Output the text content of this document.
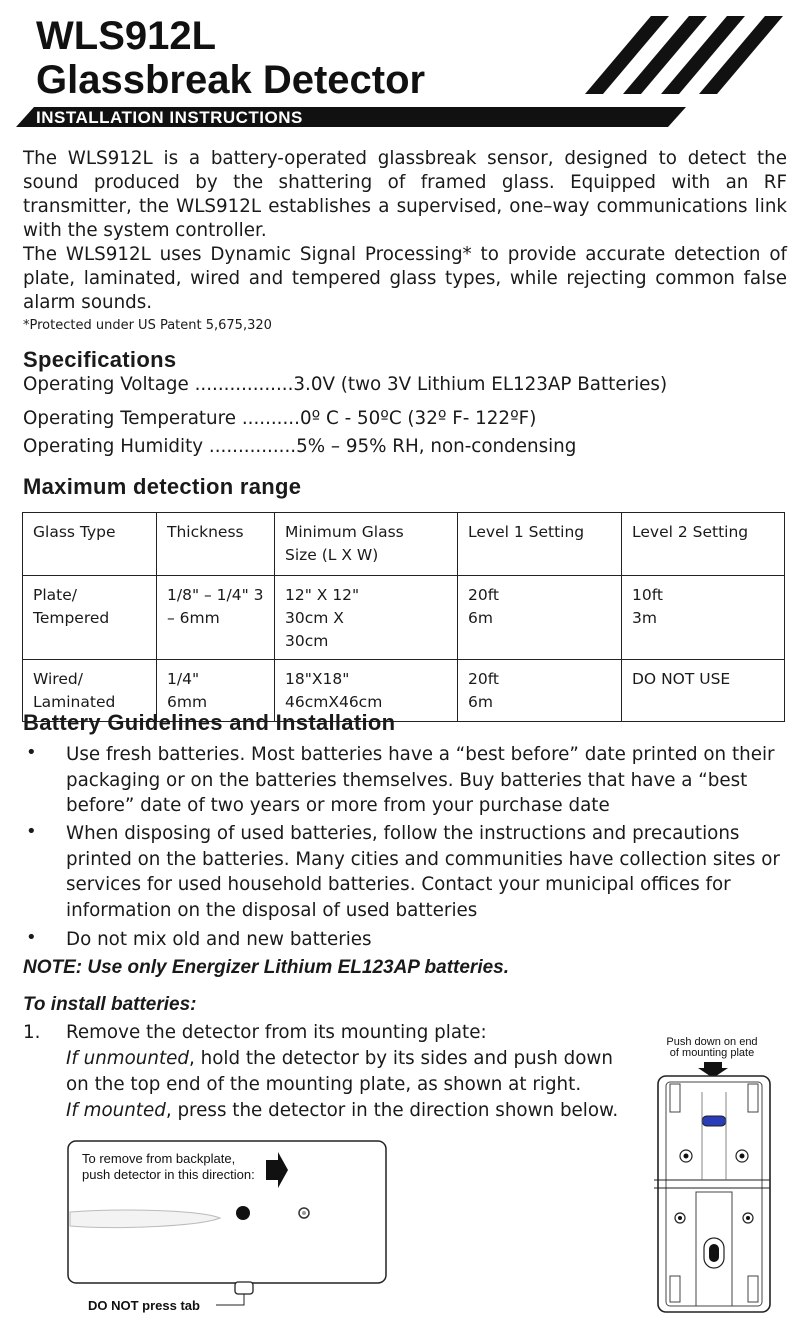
WLS912L
Glassbreak Detector
INSTALLATION INSTRUCTIONS
The WLS912L is a battery-operated glassbreak sensor, designed to detect the sound produced by the shattering of framed glass. Equipped with an RF transmitter, the WLS912L establishes a supervised, one–way communications link with the system controller.
The WLS912L uses Dynamic Signal Processing* to provide accurate detection of plate, laminated, wired and tempered glass types, while rejecting common false alarm sounds.
*Protected under US Patent 5,675,320
Specifications
Operating Voltage .................3.0V (two 3V Lithium EL123AP Batteries)
Operating Temperature ..........0º C - 50ºC (32º F- 122ºF)
Operating Humidity ...............5% – 95% RH, non-condensing
Maximum detection range
Glass Type	Thickness	Minimum Glass Size (L X W)	Level 1 Setting	Level 2 Setting
Plate/ Tempered	1/8" – 1/4" 3 – 6mm	12" X 12" 30cm X 30cm	20ft 6m	10ft 3m
Wired/ Laminated	1/4" 6mm	18"X18" 46cmX46cm	20ft 6m	DO NOT USE
Battery Guidelines and Installation
• Use fresh batteries. Most batteries have a “best before” date printed on their packaging or on the batteries themselves. Buy batteries that have a “best before” date of two years or more from your purchase date
• When disposing of used batteries, follow the instructions and precautions printed on the batteries. Many cities and communities have collection sites or services for used household batteries. Contact your municipal offices for information on the disposal of used batteries
• Do not mix old and new batteries
NOTE: Use only Energizer Lithium EL123AP batteries.
To install batteries:
1. Remove the detector from its mounting plate:
If unmounted, hold the detector by its sides and push down
on the top end of the mounting plate, as shown at right.
If mounted, press the detector in the direction shown below.
To remove from backplate,
push detector in this direction:
DO NOT press tab
Push down on end
of mounting plate
